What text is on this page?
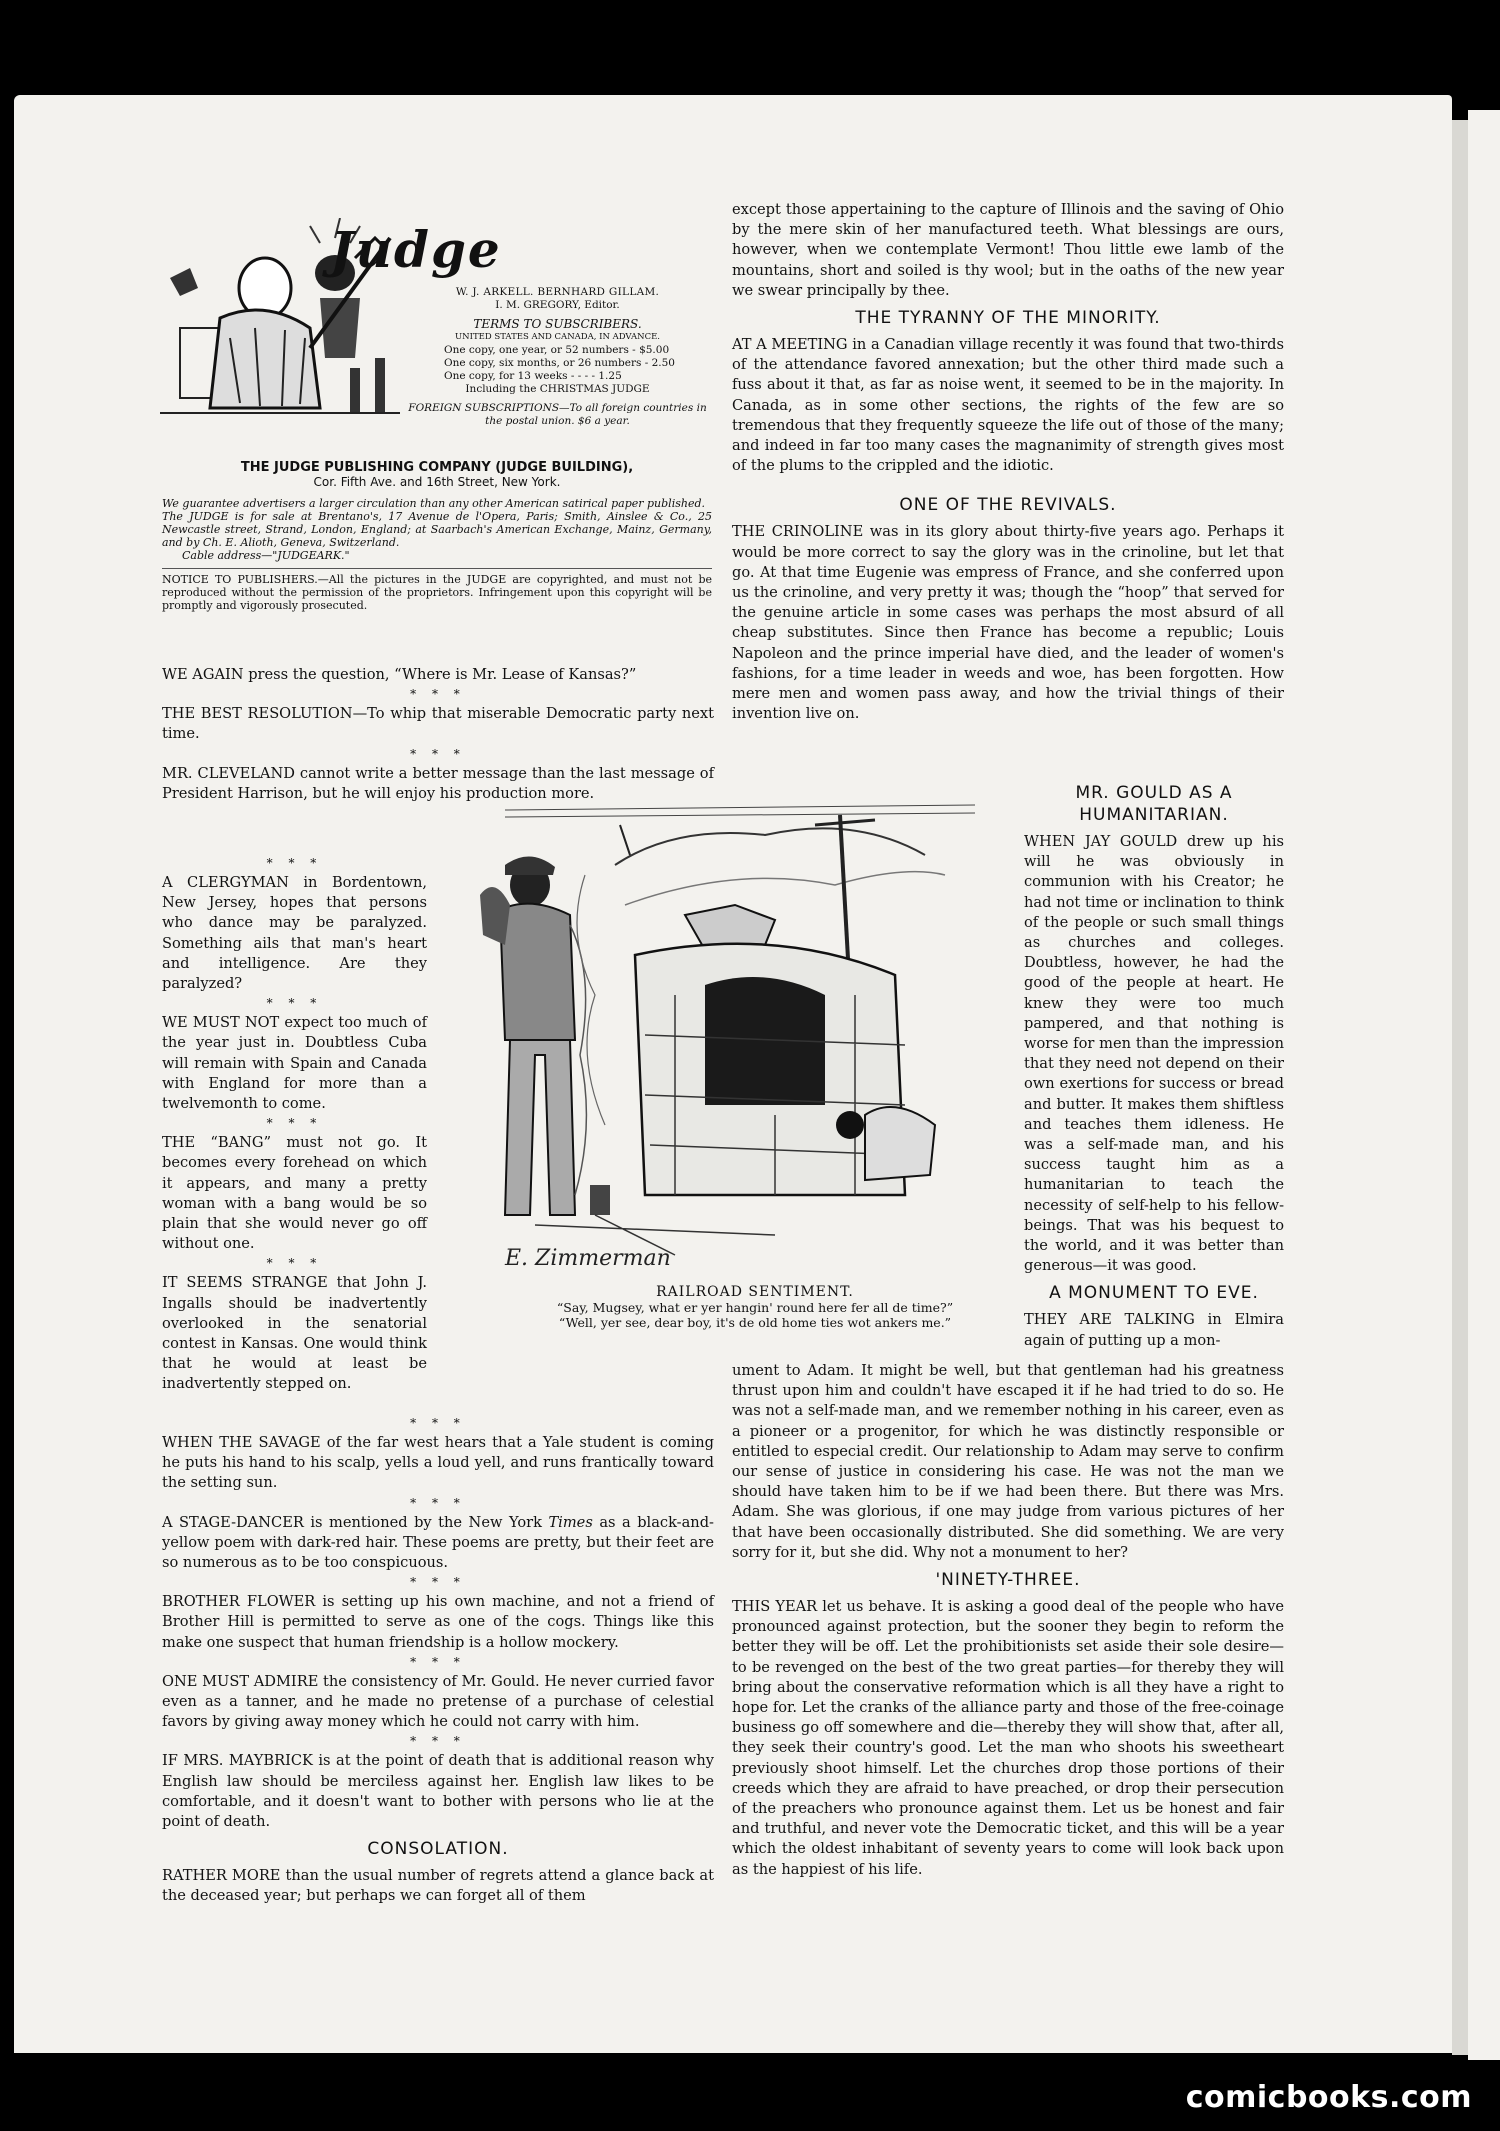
Judge
W. J. ARKELL. BERNHARD GILLAM.
I. M. GREGORY, Editor.
TERMS TO SUBSCRIBERS.
UNITED STATES AND CANADA, IN ADVANCE.
One copy, one year, or 52 numbers - $5.00
One copy, six months, or 26 numbers - 2.50
One copy, for 13 weeks - - - - 1.25
Including the CHRISTMAS JUDGE
FOREIGN SUBSCRIPTIONS—To all foreign countries in the postal union. $6 a year.
THE JUDGE PUBLISHING COMPANY (JUDGE BUILDING),
Cor. Fifth Ave. and 16th Street, New York.
We guarantee advertisers a larger circulation than any other American satirical paper published.
The JUDGE is for sale at Brentano's, 17 Avenue de l'Opera, Paris; Smith, Ainslee & Co., 25 Newcastle street, Strand, London, England; at Saarbach's American Exchange, Mainz, Germany, and by Ch. E. Alioth, Geneva, Switzerland.
Cable address—"JUDGEARK."
NOTICE TO PUBLISHERS.—All the pictures in the JUDGE are copyrighted, and must not be reproduced without the permission of the proprietors. Infringement upon this copyright will be promptly and vigorously prosecuted.

WE AGAIN press the question, “Where is Mr. Lease of Kansas?”

* * *

THE BEST RESOLUTION—To whip that miserable Democratic party next time.

* * *

MR. CLEVELAND cannot write a better message than the last message of President Harrison, but he will enjoy his production more.

* * *

A CLERGYMAN in Bordentown, New Jersey, hopes that persons who dance may be paralyzed. Something ails that man's heart and intelligence. Are they paralyzed?

* * *

WE MUST NOT expect too much of the year just in. Doubtless Cuba will remain with Spain and Canada with England for more than a twelvemonth to come.

* * *

THE “BANG” must not go. It becomes every forehead on which it appears, and many a pretty woman with a bang would be so plain that she would never go off without one.

* * *

IT SEEMS STRANGE that John J. Ingalls should be inadvertently overlooked in the senatorial contest in Kansas. One would think that he would at least be inadvertently stepped on.

* * *

WHEN THE SAVAGE of the far west hears that a Yale student is coming he puts his hand to his scalp, yells a loud yell, and runs frantically toward the setting sun.

* * *

A STAGE-DANCER is mentioned by the New York Times as a black-and-yellow poem with dark-red hair. These poems are pretty, but their feet are so numerous as to be too conspicuous.

* * *

BROTHER FLOWER is setting up his own machine, and not a friend of Brother Hill is permitted to serve as one of the cogs. Things like this make one suspect that human friendship is a hollow mockery.

* * *

ONE MUST ADMIRE the consistency of Mr. Gould. He never curried favor even as a tanner, and he made no pretense of a purchase of celestial favors by giving away money which he could not carry with him.

* * *

IF MRS. MAYBRICK is at the point of death that is additional reason why English law should be merciless against her. English law likes to be comfortable, and it doesn't want to bother with persons who lie at the point of death.

CONSOLATION.

RATHER MORE than the usual number of regrets attend a glance back at the deceased year; but perhaps we can forget all of them

except those appertaining to the capture of Illinois and the saving of Ohio by the mere skin of her manufactured teeth. What blessings are ours, however, when we contemplate Vermont! Thou little ewe lamb of the mountains, short and soiled is thy wool; but in the oaths of the new year we swear principally by thee.

THE TYRANNY OF THE MINORITY.

AT A MEETING in a Canadian village recently it was found that two-thirds of the attendance favored annexation; but the other third made such a fuss about it that, as far as noise went, it seemed to be in the majority. In Canada, as in some other sections, the rights of the few are so tremendous that they frequently squeeze the life out of those of the many; and indeed in far too many cases the magnanimity of strength gives most of the plums to the crippled and the idiotic.

ONE OF THE REVIVALS.

THE CRINOLINE was in its glory about thirty-five years ago. Perhaps it would be more correct to say the glory was in the crinoline, but let that go. At that time Eugenie was empress of France, and she conferred upon us the crinoline, and very pretty it was; though the “hoop” that served for the genuine article in some cases was perhaps the most absurd of all cheap substitutes. Since then France has become a republic; Louis Napoleon and the prince imperial have died, and the leader of women's fashions, for a time leader in weeds and woe, has been forgotten. How mere men and women pass away, and how the trivial things of their invention live on.

MR. GOULD AS A HUMANITARIAN.

WHEN JAY GOULD drew up his will he was obviously in communion with his Creator; he had not time or inclination to think of the people or such small things as churches and colleges. Doubtless, however, he had the good of the people at heart. He knew they were too much pampered, and that nothing is worse for men than the impression that they need not depend on their own exertions for success or bread and butter. It makes them shiftless and teaches them idleness. He was a self-made man, and his success taught him as a humanitarian to teach the necessity of self-help to his fellow-beings. That was his bequest to the world, and it was better than generous—it was good.

A MONUMENT TO EVE.

THEY ARE TALKING in Elmira again of putting up a mon-

ument to Adam. It might be well, but that gentleman had his greatness thrust upon him and couldn't have escaped it if he had tried to do so. He was not a self-made man, and we remember nothing in his career, even as a pioneer or a progenitor, for which he was distinctly responsible or entitled to especial credit. Our relationship to Adam may serve to confirm our sense of justice in considering his case. He was not the man we should have taken him to be if we had been there. But there was Mrs. Adam. She was glorious, if one may judge from various pictures of her that have been occasionally distributed. She did something. We are very sorry for it, but she did. Why not a monument to her?

'NINETY-THREE.

THIS YEAR let us behave. It is asking a good deal of the people who have pronounced against protection, but the sooner they begin to reform the better they will be off. Let the prohibitionists set aside their sole desire—to be revenged on the best of the two great parties—for thereby they will bring about the conservative reformation which is all they have a right to hope for. Let the cranks of the alliance party and those of the free-coinage business go off somewhere and die—thereby they will show that, after all, they seek their country's good. Let the man who shoots his sweetheart previously shoot himself. Let the churches drop those portions of their creeds which they are afraid to have preached, or drop their persecution of the preachers who pronounce against them. Let us be honest and fair and truthful, and never vote the Democratic ticket, and this will be a year which the oldest inhabitant of seventy years to come will look back upon as the happiest of his life.

E. Zimmerman
RAILROAD SENTIMENT.
“Say, Mugsey, what er yer hangin' round here fer all de time?”
“Well, yer see, dear boy, it's de old home ties wot ankers me.”
comicbooks.com
